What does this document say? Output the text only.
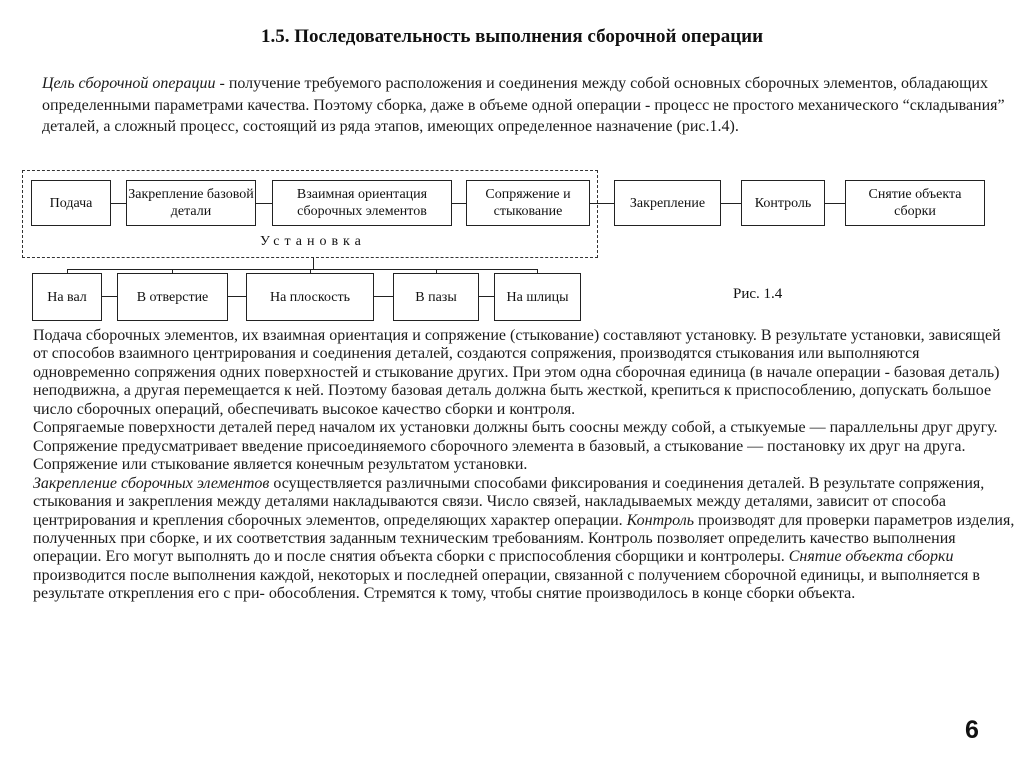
1.5. Последовательность выполнения сборочной операции
Цель сборочной операции - получение требуемого расположения и соединения между собой основных сборочных элементов, обладающих определенными параметрами качества. Поэтому сборка, даже в объеме одной операции - процесс не простого механического “складывания” деталей, а сложный процесс, состоящий из ряда этапов, имеющих определенное назначение (рис.1.4).
Подача
Закрепление базовой детали
Взаимная ориентация сборочных элементов
Сопряжение и стыкование
Закрепление	Контроль
Снятие объекта сборки
Установка
На вал	В отверстие	На плоскость	В пазы	На шлицы	Рис. 1.4

Подача сборочных элементов, их взаимная ориентация и сопряжение (стыкование) составляют установку. В результате установки, зависящей от способов взаимного центрирования и соединения деталей, создаются сопряжения, производятся стыкования или выполняются одновременно сопряжения одних поверхностей и стыкование других. При этом одна сборочная единица (в начале операции - базовая деталь) неподвижна, а другая перемещается к ней. Поэтому базовая деталь должна быть жесткой, крепиться к приспособлению, допускать большое число сборочных операций, обеспечивать высокое качество сборки и контроля.

Сопрягаемые поверхности деталей перед началом их установки должны быть соосны между собой, а стыкуемые — параллельны друг другу. Сопряжение предусматривает введение присоединяемого сборочного элемента в базовый, а стыкование — постановку их друг на друга. Сопряжение или стыкование является конечным результатом установки.

Закрепление сборочных элементов осуществляется различными способами фиксирования и соединения деталей. В результате сопряжения, стыкования и закрепления между деталями накладываются связи. Число связей, накладываемых между деталями, зависит от способа центрирования и крепления сборочных элементов, определяющих характер операции. Контроль производят для проверки параметров изделия, полученных при сборке, и их соответствия заданным техническим требованиям. Контроль позволяет определить качество выполнения операции. Его могут выполнять до и после снятия объекта сборки с приспособления сборщики и контролеры. Снятие объекта сборки производится после выполнения каждой, некоторых и последней операции, связанной с получением сборочной единицы, и выполняется в результате открепления его с при- обособления. Стремятся к тому, чтобы снятие производилось в конце сборки объекта.

6
